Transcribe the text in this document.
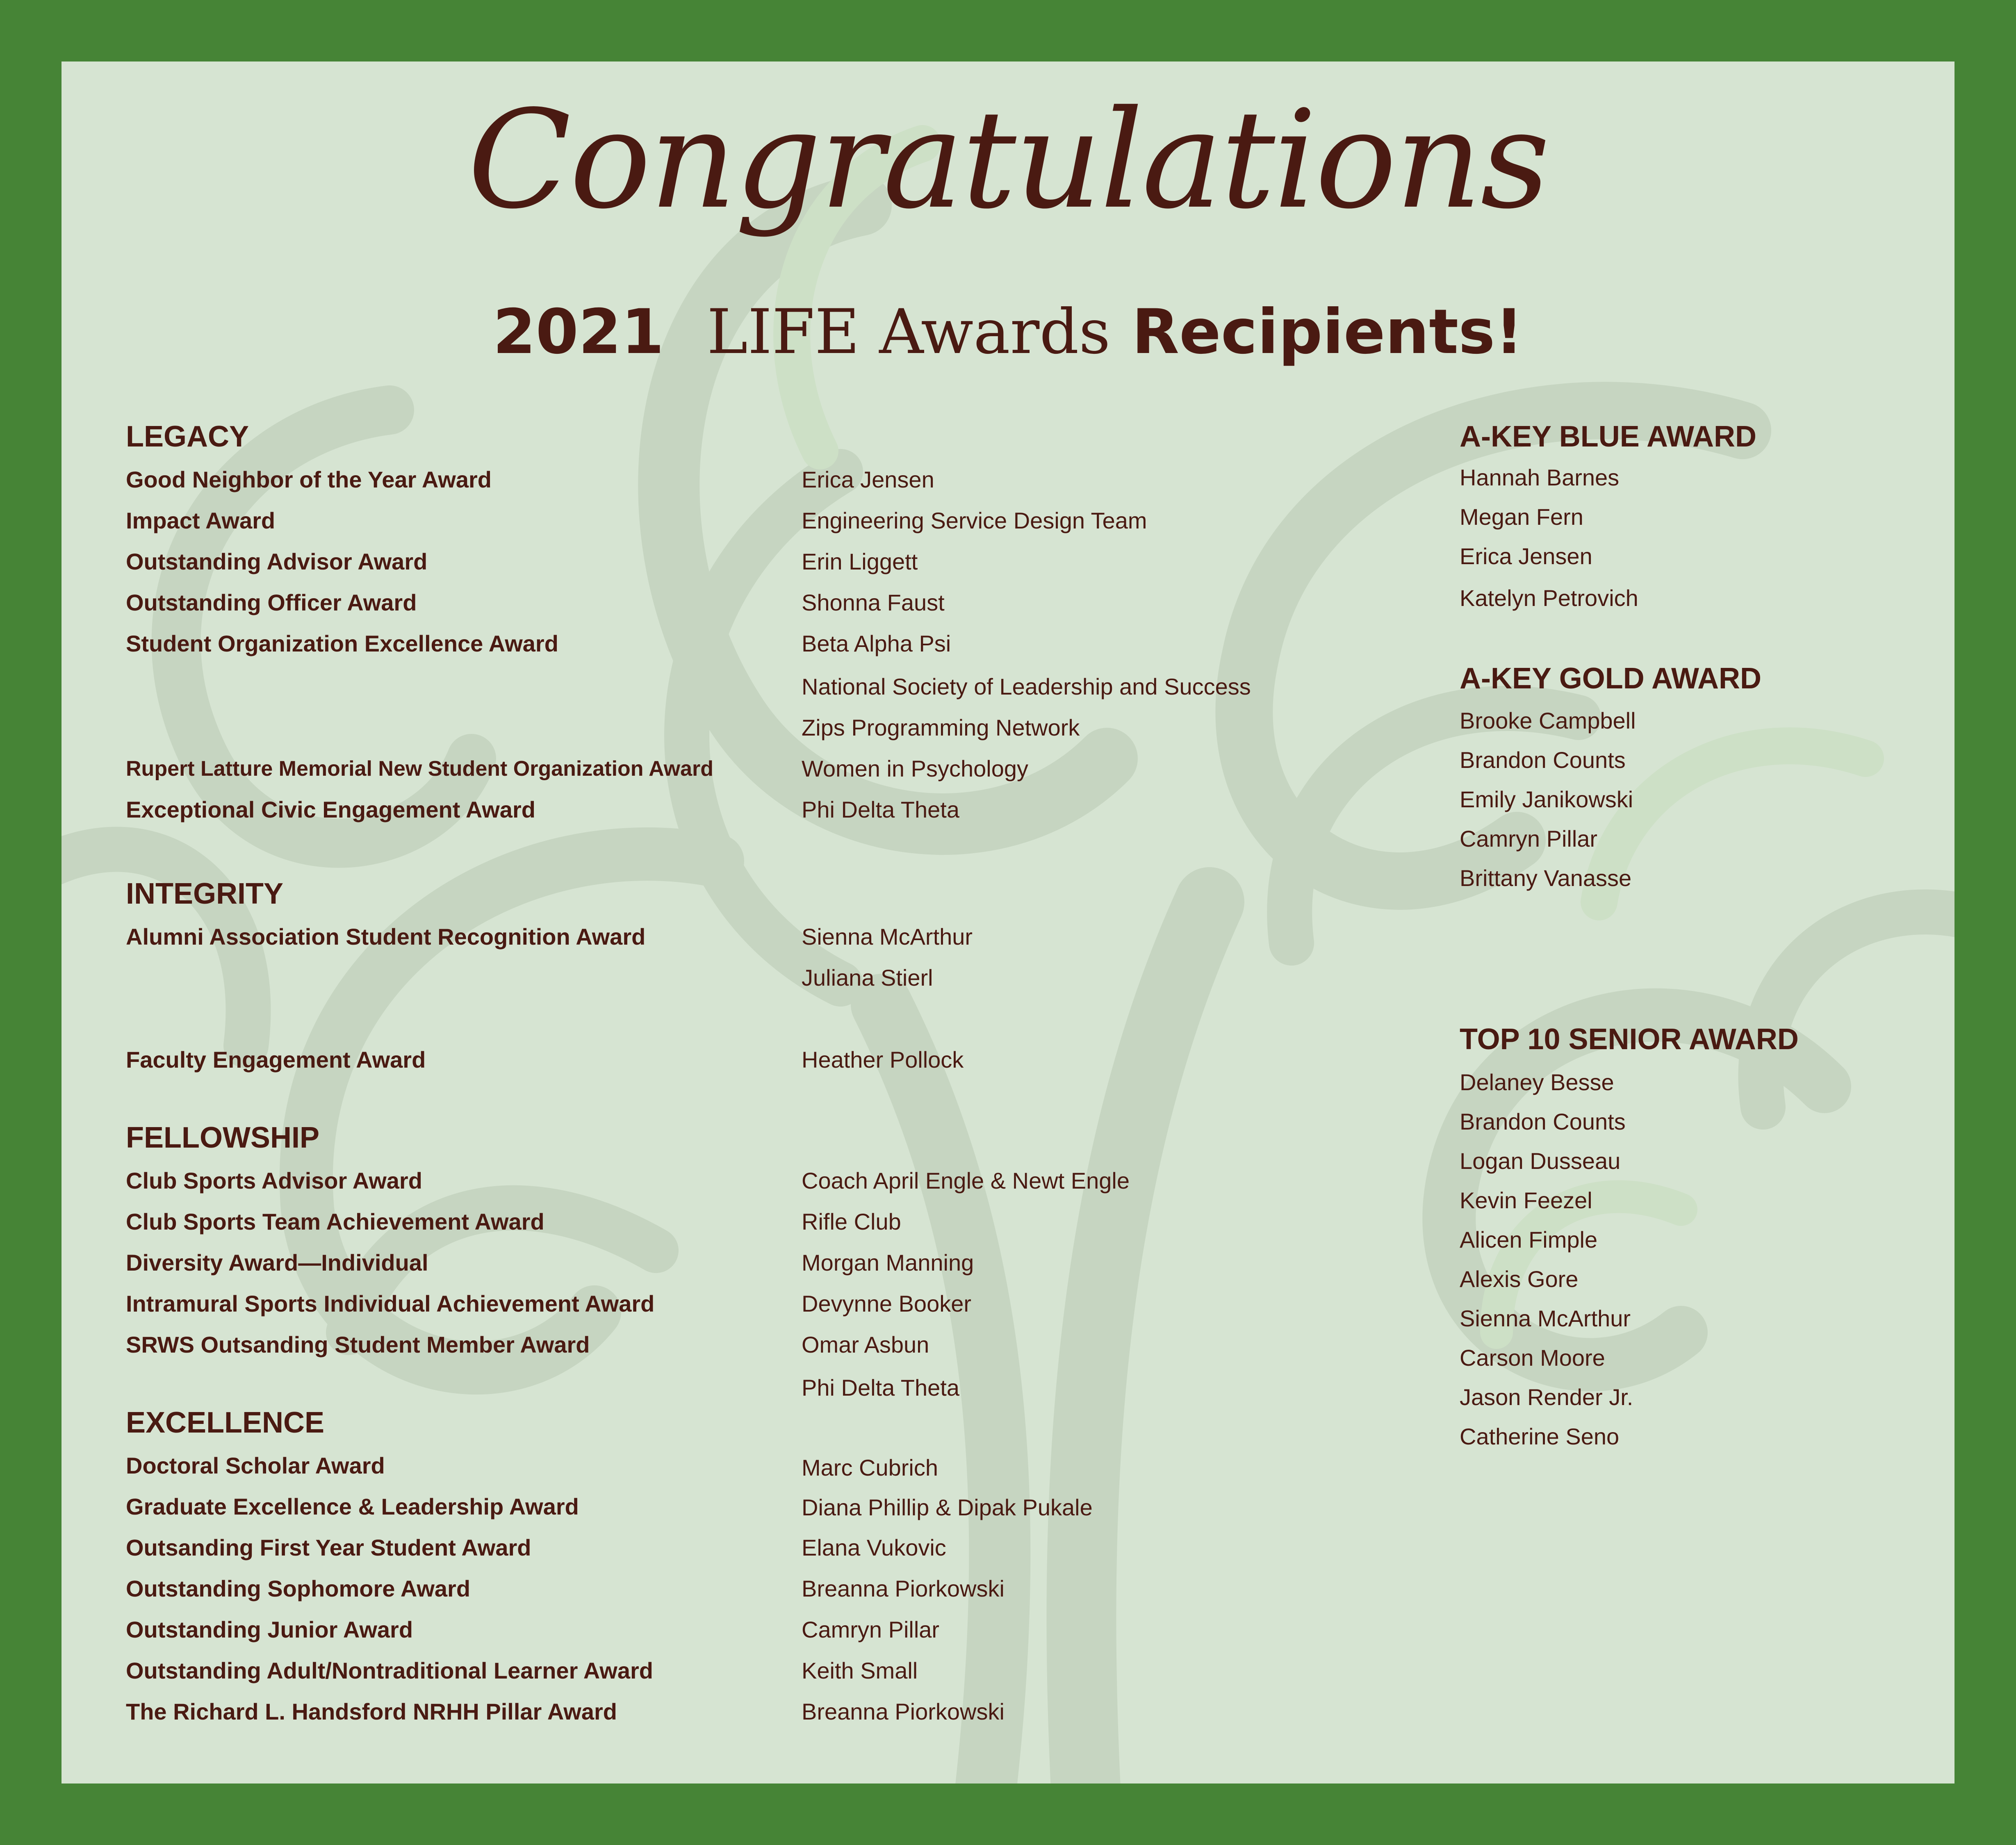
Congratulations
2021 LIFE Awards Recipients!
LEGACY
Good Neighbor of the Year Award
Impact Award
Outstanding Advisor Award
Outstanding Officer Award
Student Organization Excellence Award
Rupert Latture Memorial New Student Organization Award
Exceptional Civic Engagement Award
Erica Jensen
Engineering Service Design Team
Erin Liggett
Shonna Faust
Beta Alpha Psi
National Society of Leadership and Success
Zips Programming Network
Women in Psychology
Phi Delta Theta
INTEGRITY
Alumni Association Student Recognition Award
Faculty Engagement Award
Sienna McArthur
Juliana Stierl
Heather Pollock
FELLOWSHIP
Club Sports Advisor Award
Club Sports Team Achievement Award
Diversity Award—Individual
Intramural Sports Individual Achievement Award
SRWS Outsanding Student Member Award
Coach April Engle & Newt Engle
Rifle Club
Morgan Manning
Devynne Booker
Omar Asbun
Phi Delta Theta
EXCELLENCE
Doctoral Scholar Award
Graduate Excellence & Leadership Award
Outsanding First Year Student Award
Outstanding Sophomore Award
Outstanding Junior Award
Outstanding Adult/Nontraditional Learner Award
The Richard L. Handsford NRHH Pillar Award
Marc Cubrich
Diana Phillip & Dipak Pukale
Elana Vukovic
Breanna Piorkowski
Camryn Pillar
Keith Small
Breanna Piorkowski
A-KEY BLUE AWARD
Hannah Barnes
Megan Fern
Erica Jensen
Katelyn Petrovich
A-KEY GOLD AWARD
Brooke Campbell
Brandon Counts
Emily Janikowski
Camryn Pillar
Brittany Vanasse
TOP 10 SENIOR AWARD
Delaney Besse
Brandon Counts
Logan Dusseau
Kevin Feezel
Alicen Fimple
Alexis Gore
Sienna McArthur
Carson Moore
Jason Render Jr.
Catherine Seno
